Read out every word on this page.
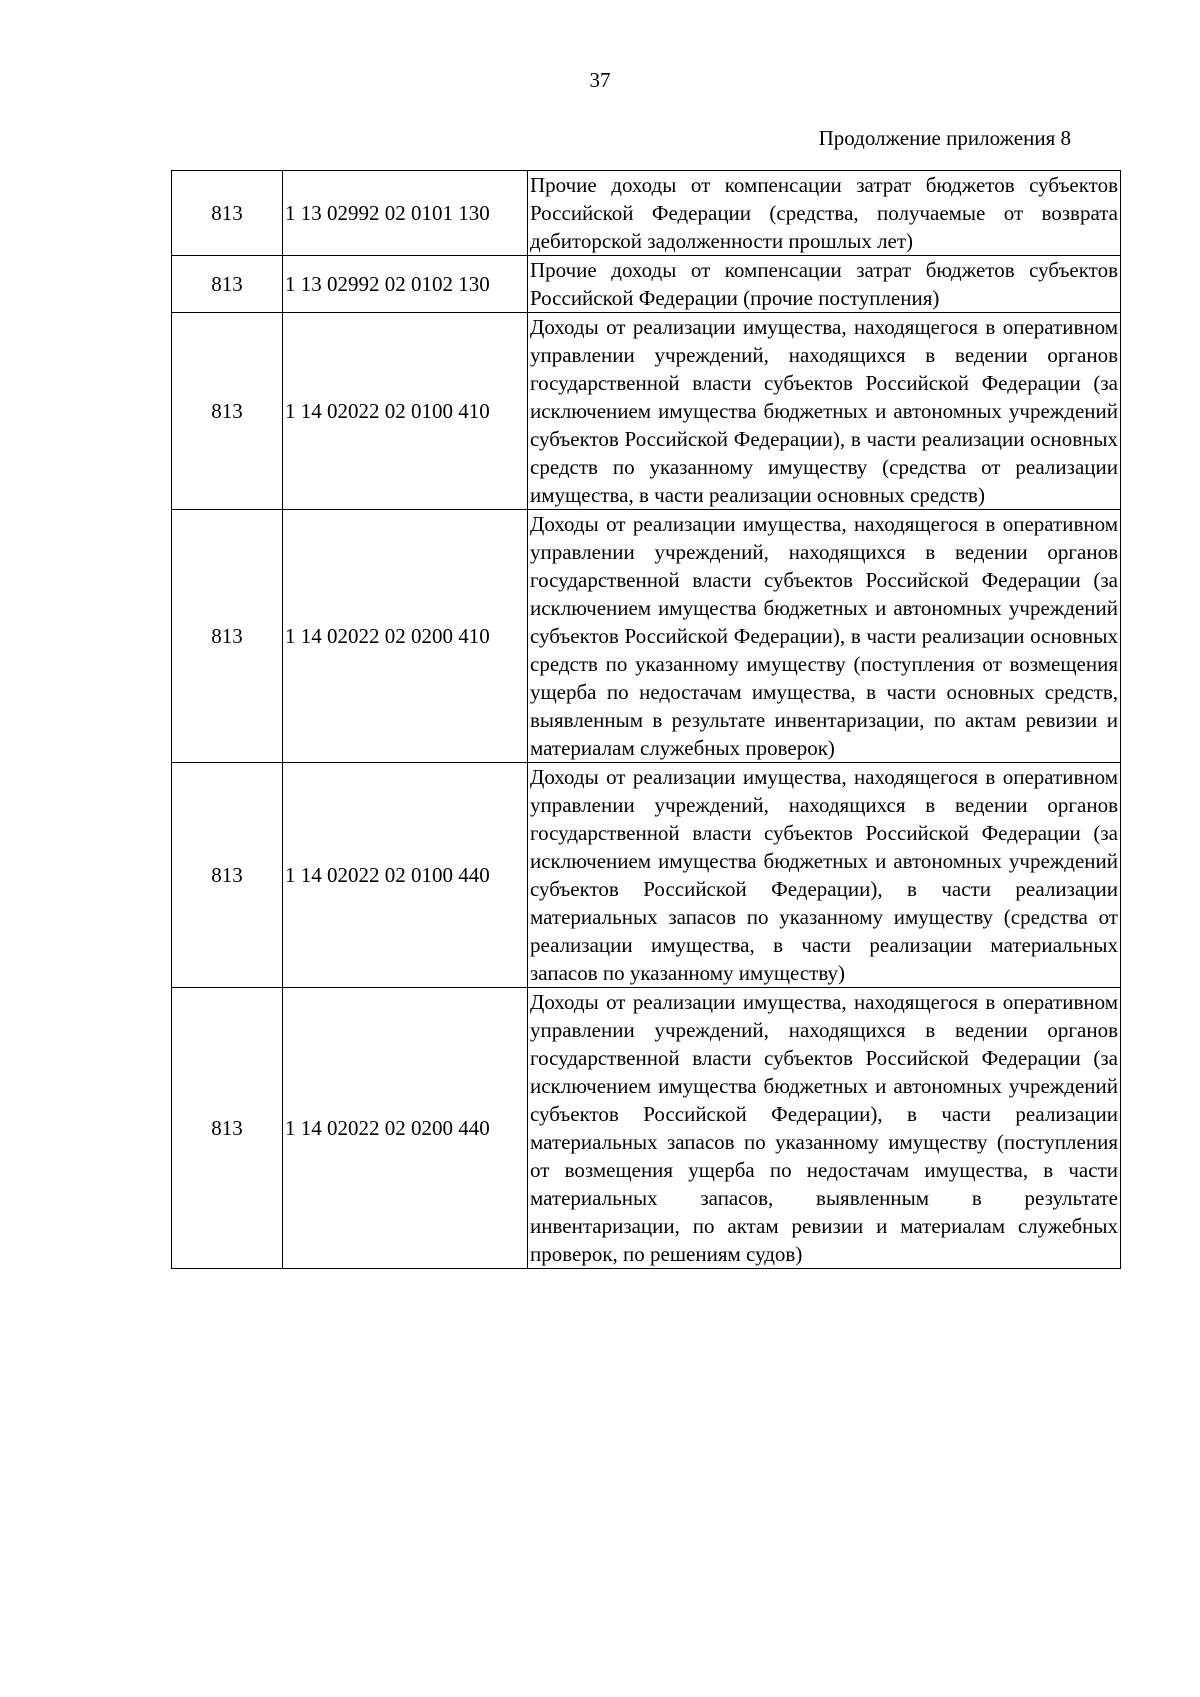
37
Продолжение приложения 8
813	1 13 02992 02 0101 130	Прочие доходы от компенсации затрат бюджетов субъектов Российской Федерации (средства, получаемые от возврата дебиторской задолженности прошлых лет)
813	1 13 02992 02 0102 130	Прочие доходы от компенсации затрат бюджетов субъектов Российской Федерации (прочие поступления)
813	1 14 02022 02 0100 410	Доходы от реализации имущества, находящегося в оперативном управлении учреждений, находящихся в ведении органов государственной власти субъектов Российской Федерации (за исключением имущества бюджетных и автономных учреждений субъектов Российской Федерации), в части реализации основных средств по указанному имуществу (средства от реализации имущества, в части реализации основных средств)
813	1 14 02022 02 0200 410	Доходы от реализации имущества, находящегося в оперативном управлении учреждений, находящихся в ведении органов государственной власти субъектов Российской Федерации (за исключением имущества бюджетных и автономных учреждений субъектов Российской Федерации), в части реализации основных средств по указанному имуществу (поступления от возмещения ущерба по недостачам имущества, в части основных средств, выявленным в результате инвентаризации, по актам ревизии и материалам служебных проверок)
813	1 14 02022 02 0100 440	Доходы от реализации имущества, находящегося в оперативном управлении учреждений, находящихся в ведении органов государственной власти субъектов Российской Федерации (за исключением имущества бюджетных и автономных учреждений субъектов Российской Федерации), в части реализации материальных запасов по указанному имуществу (средства от реализации имущества, в части реализации материальных запасов по указанному имуществу)
813	1 14 02022 02 0200 440	Доходы от реализации имущества, находящегося в оперативном управлении учреждений, находящихся в ведении органов государственной власти субъектов Российской Федерации (за исключением имущества бюджетных и автономных учреждений субъектов Российской Федерации), в части реализации материальных запасов по указанному имуществу (поступления от возмещения ущерба по недостачам имущества, в части материальных запасов, выявленным в результате инвентаризации, по актам ревизии и материалам служебных проверок, по решениям судов)
